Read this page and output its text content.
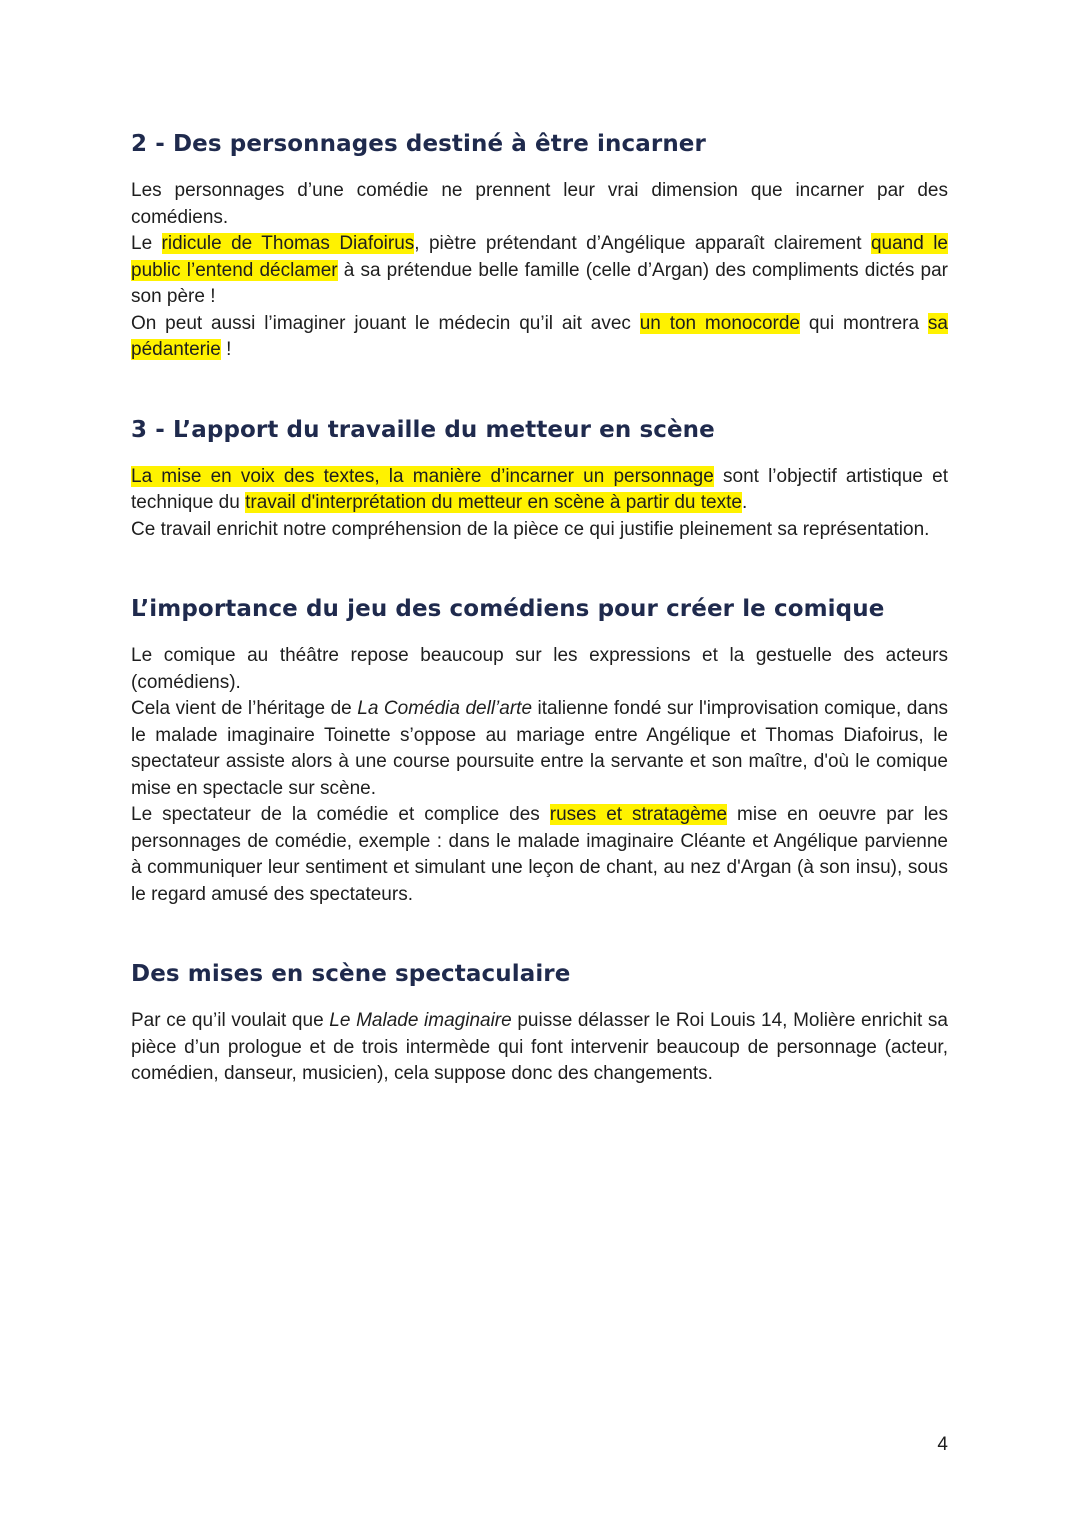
2 - Des personnages destiné à être incarner

Les personnages d’une comédie ne prennent leur vrai dimension que incarner par des comédiens.

Le ridicule de Thomas Diafoirus, piètre prétendant d’Angélique apparaît clairement quand le public l’entend déclamer à sa prétendue belle famille (celle d’Argan) des compliments dictés par son père !

On peut aussi l’imaginer jouant le médecin qu’il ait avec un ton monocorde qui montrera sa pédanterie !

3 - L’apport du travaille du metteur en scène

La mise en voix des textes, la manière d’incarner un personnage sont l’objectif artistique et technique du travail d'interprétation du metteur en scène à partir du texte.

Ce travail enrichit notre compréhension de la pièce ce qui justifie pleinement sa représentation.

L’importance du jeu des comédiens pour créer le comique

Le comique au théâtre repose beaucoup sur les expressions et la gestuelle des acteurs (comédiens).

Cela vient de l’héritage de La Comédia dell’arte italienne fondé sur l'improvisation comique, dans le malade imaginaire Toinette s’oppose au mariage entre Angélique et Thomas Diafoirus, le spectateur assiste alors à une course poursuite entre la servante et son maître, d'où le comique mise en spectacle sur scène.

Le spectateur de la comédie et complice des ruses et stratagème mise en oeuvre par les personnages de comédie, exemple : dans le malade imaginaire Cléante et Angélique parvienne à communiquer leur sentiment et simulant une leçon de chant, au nez d'Argan (à son insu), sous le regard amusé des spectateurs.

Des mises en scène spectaculaire

Par ce qu’il voulait que Le Malade imaginaire puisse délasser le Roi Louis 14, Molière enrichit sa pièce d’un prologue et de trois intermède qui font intervenir beaucoup de personnage (acteur, comédien, danseur, musicien), cela suppose donc des changements.

4
